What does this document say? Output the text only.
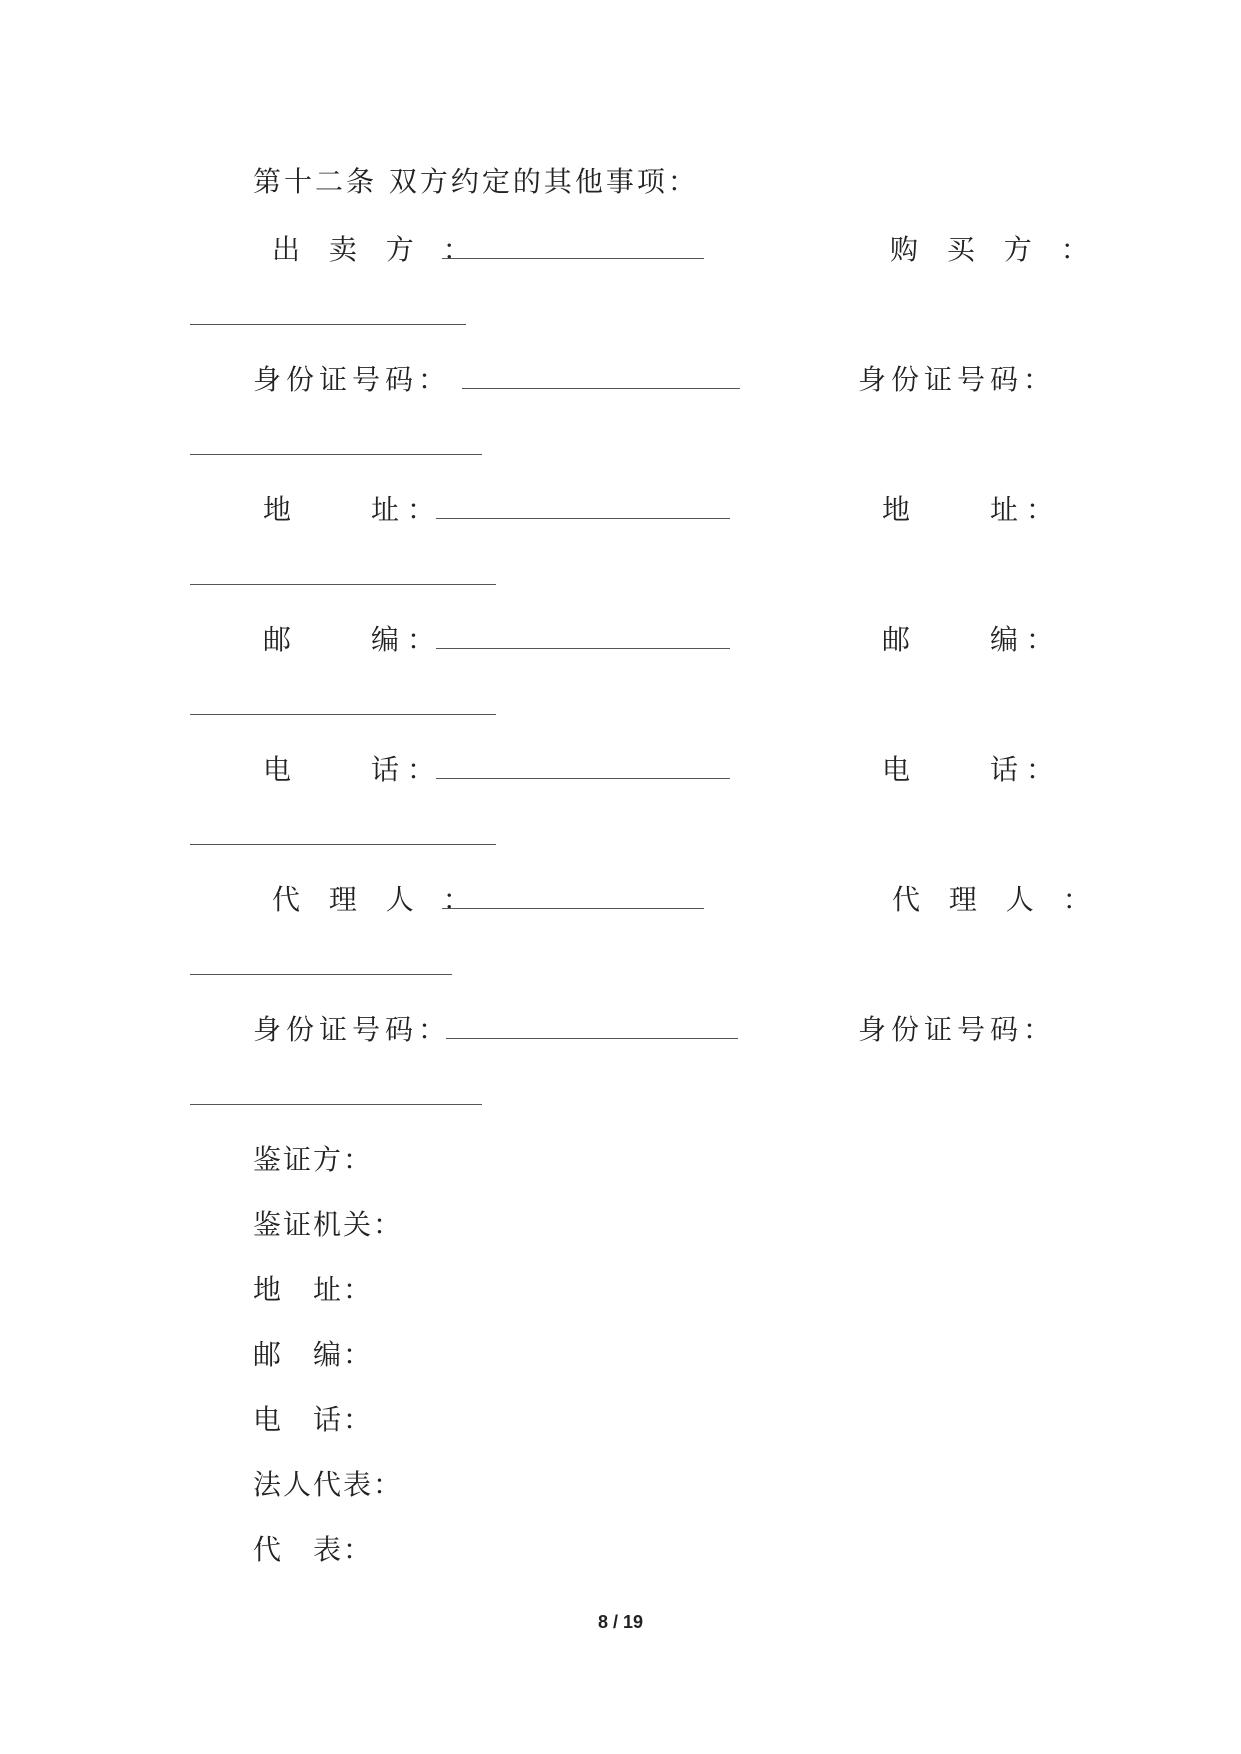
第十二条 双方约定的其他事项：
出 卖 方 ：	购 买 方 ：
身份证号码：	身份证号码：
地　　址：	地　　址：
邮　　编：	邮　　编：
电　　话：	电　　话：
代 理 人 ：	代 理 人 ：
身份证号码：	身份证号码：
鉴证方：
鉴证机关：
地　址：
邮　编：
电　话：
法人代表：
代　表：
8 / 19
